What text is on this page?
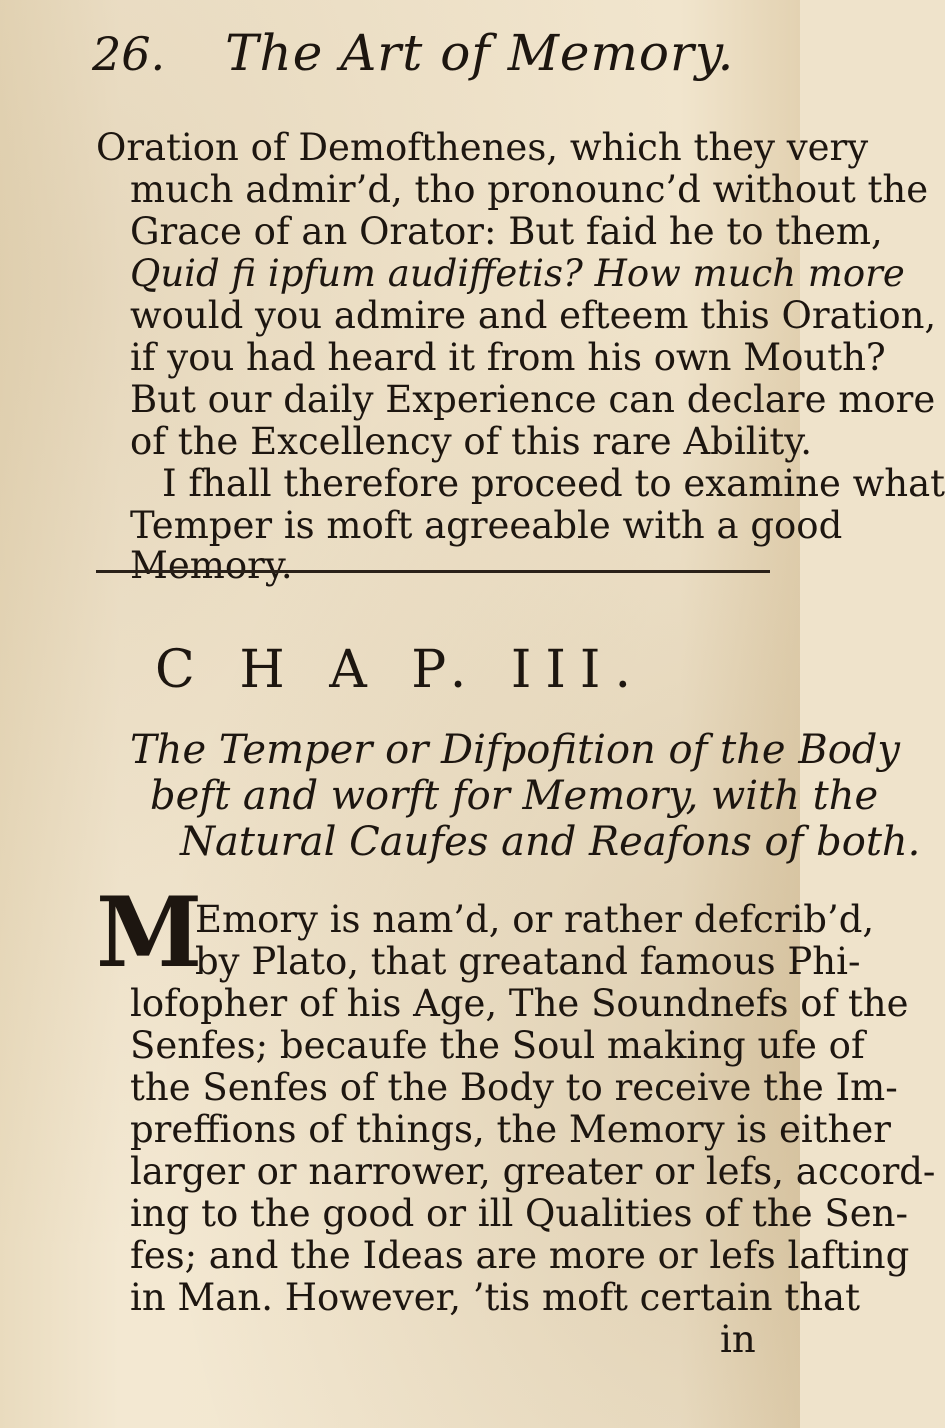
26. The Art of Memory.
Oration of Demofthenes, which they very
much admir’d, tho pronounc’d without the
Grace of an Orator: But faid he to them,
Quid fi ipfum audiffetis? How much more
would you admire and efteem this Oration,
if you had heard it from his own Mouth?
But our daily Experience can declare more
of the Excellency of this rare Ability.
I fhall therefore proceed to examine what
Temper is moft agreeable with a good
Memory.
C H A P. III.
The Temper or Difpofition of the Body
beft and worft for Memory, with the
Natural Caufes and Reafons of both.
M
Emory is nam’d, or rather defcrib’d,
by Plato, that greatand famous Phi-
lofopher of his Age, The Soundnefs of the
Senfes; becaufe the Soul making ufe of
the Senfes of the Body to receive the Im-
preffions of things, the Memory is either
larger or narrower, greater or lefs, accord-
ing to the good or ill Qualities of the Sen-
fes; and the Ideas are more or lefs lafting
in Man. However, ’tis moft certain that
in
